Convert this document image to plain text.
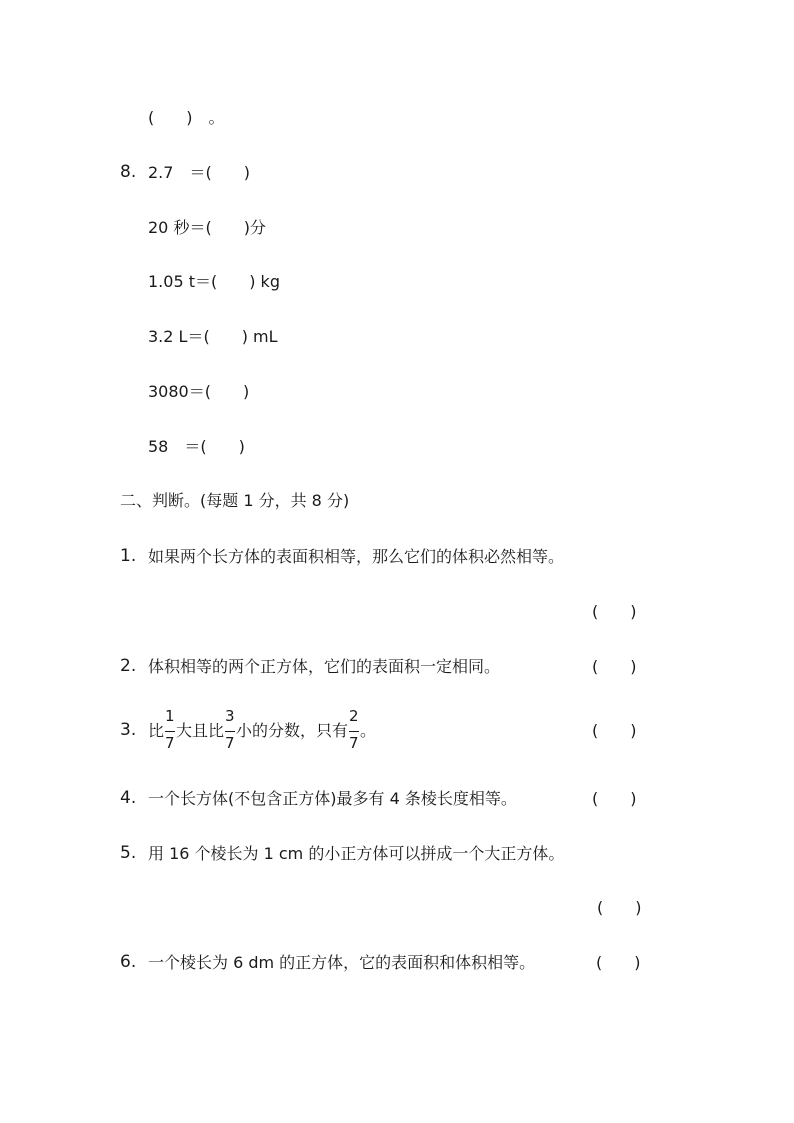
(　　)　。
8. 2.7　＝(　　)
20 秒＝(　　)分
1.05 t＝(　　) kg
3.2 L＝(　　) mL
3080＝(　　)
58　＝(　　)
二、判断。(每题 1 分，共 8 分)
1. 如果两个长方体的表面积相等，那么它们的体积必然相等。
(　　)
2. 体积相等的两个正方体，它们的表面积一定相同。	(　　)
3. 比 $\frac{1}{7}$ 大且比 $\frac{3}{7}$ 小的分数，只有 $\frac{2}{7}$ 。	(　　)
4. 一个长方体(不包含正方体)最多有 4 条棱长度相等。	(　　)
5. 用 16 个棱长为 1 cm 的小正方体可以拼成一个大正方体。
(　　)
6. 一个棱长为 6 dm 的正方体，它的表面积和体积相等。	(　　)
